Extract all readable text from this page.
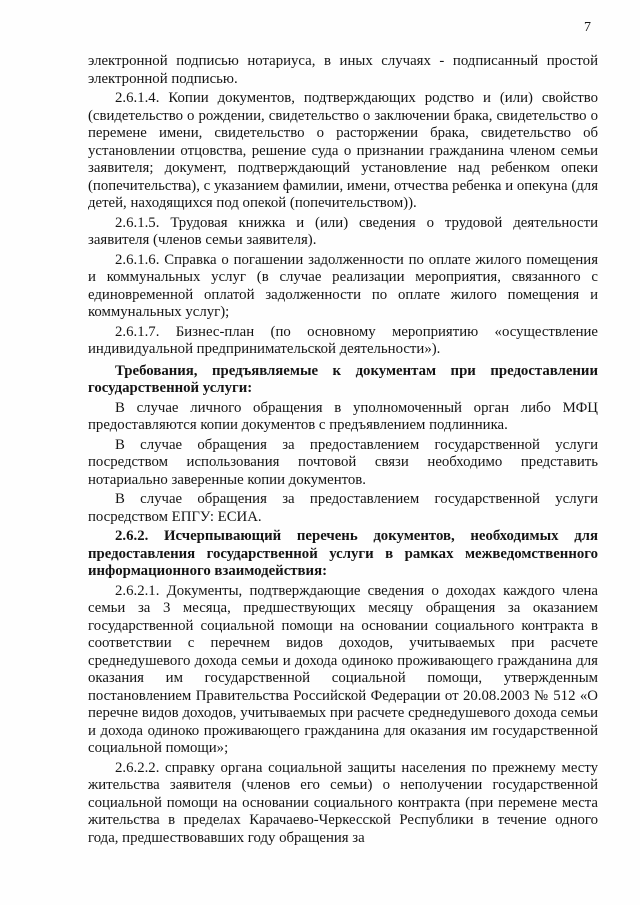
7

электронной подписью нотариуса, в иных случаях - подписанный простой электронной подписью.

2.6.1.4. Копии документов, подтверждающих родство и (или) свойство (свидетельство о рождении, свидетельство о заключении брака, свидетельство о перемене имени, свидетельство о расторжении брака, свидетельство об установлении отцовства, решение суда о признании гражданина членом семьи заявителя; документ, подтверждающий установление над ребенком опеки (попечительства), с указанием фамилии, имени, отчества ребенка и опекуна (для детей, находящихся под опекой (попечительством)).

2.6.1.5. Трудовая книжка и (или) сведения о трудовой деятельности заявителя (членов семьи заявителя).

2.6.1.6. Справка о погашении задолженности по оплате жилого помещения и коммунальных услуг (в случае реализации мероприятия, связанного с единовременной оплатой задолженности по оплате жилого помещения и коммунальных услуг);

2.6.1.7. Бизнес-план (по основному мероприятию «осуществление индивидуальной предпринимательской деятельности»).

Требования, предъявляемые к документам при предоставлении государственной услуги:

В случае личного обращения в уполномоченный орган либо МФЦ предоставляются копии документов с предъявлением подлинника.

В случае обращения за предоставлением государственной услуги посредством использования почтовой связи необходимо представить нотариально заверенные копии документов.

В случае обращения за предоставлением государственной услуги посредством ЕПГУ: ЕСИА.

2.6.2. Исчерпывающий перечень документов, необходимых для предоставления государственной услуги в рамках межведомственного информационного взаимодействия:

2.6.2.1. Документы, подтверждающие сведения о доходах каждого члена семьи за 3 месяца, предшествующих месяцу обращения за оказанием государственной социальной помощи на основании социального контракта в соответствии с перечнем видов доходов, учитываемых при расчете среднедушевого дохода семьи и дохода одиноко проживающего гражданина для оказания им государственной социальной помощи, утвержденным постановлением Правительства Российской Федерации от 20.08.2003 № 512 «О перечне видов доходов, учитываемых при расчете среднедушевого дохода семьи и дохода одиноко проживающего гражданина для оказания им государственной социальной помощи»;

2.6.2.2. справку органа социальной защиты населения по прежнему месту жительства заявителя (членов его семьи) о неполучении государственной социальной помощи на основании социального контракта (при перемене места жительства в пределах Карачаево-Черкесской Республики в течение одного года, предшествовавших году обращения за
